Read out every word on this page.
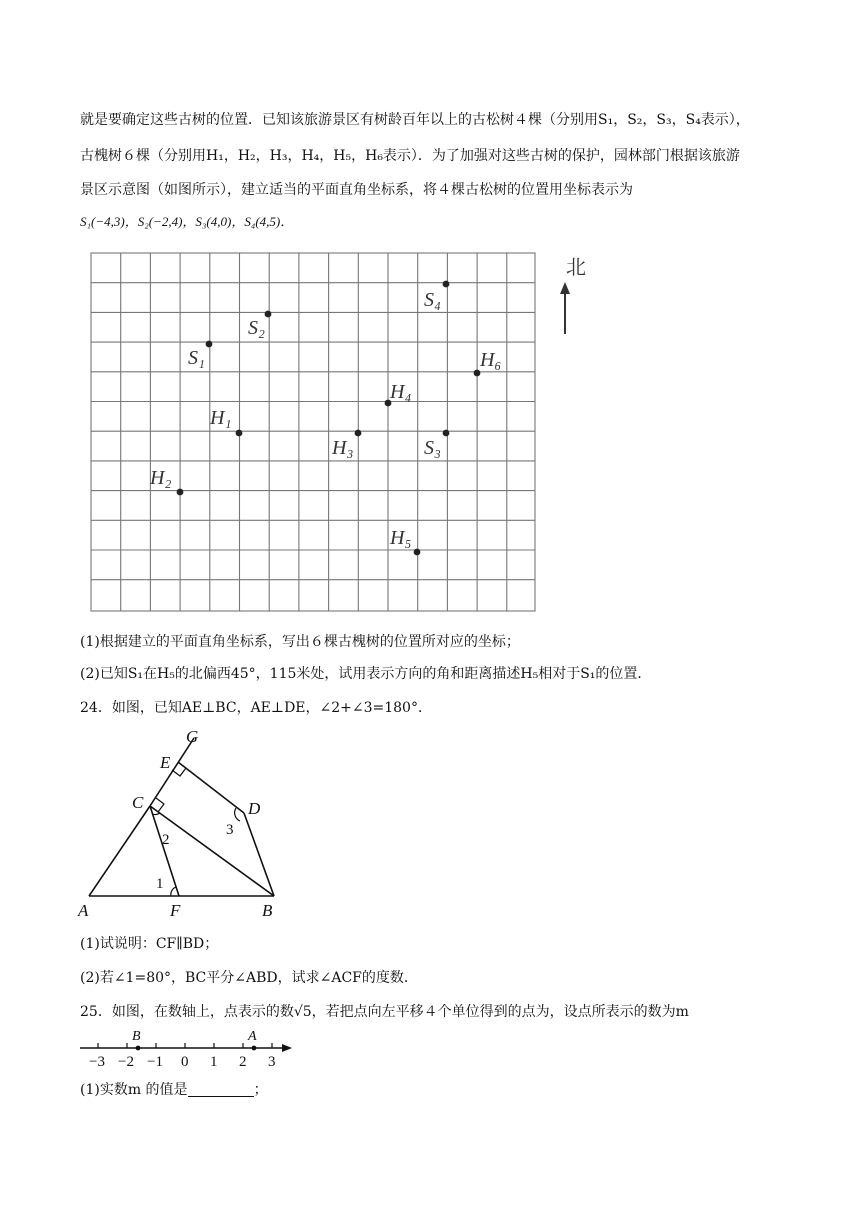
就是要确定这些古树的位置．已知该旅游景区有树龄百年以上的古松树４棵（分别用S₁，S₂，S₃，S₄表示），
古槐树６棵（分别用H₁，H₂，H₃，H₄，H₅，H₆表示）．为了加强对这些古树的保护，园林部门根据该旅游
景区示意图（如图所示），建立适当的平面直角坐标系，将４棵古松树的位置用坐标表示为
S₁(−4,3)，S₂(−2,4)，S₃(4,0)，S₄(4,5)．
北
S₁
S₂
S₃
S₄
H₁
H₂
H₃
H₄
H₅
H₆
(1)根据建立的平面直角坐标系，写出６棵古槐树的位置所对应的坐标；
(2)已知S₁在H₅的北偏西45°，115米处，试用表示方向的角和距离描述H₅相对于S₁的位置．
24．如图，已知AE⊥BC，AE⊥DE，∠2+∠3=180°．
G
E
D
C
A	F	B
1
2
3
(1)试说明：CF∥BD；
(2)若∠1=80°，BC平分∠ABD，试求∠ACF的度数．
25．如图，在数轴上，点表示的数√5，若把点向左平移４个单位得到的点为，设点所表示的数为m
−3 −2 −1 0 1 2 3
B	A
(1)实数m 的值是	；
